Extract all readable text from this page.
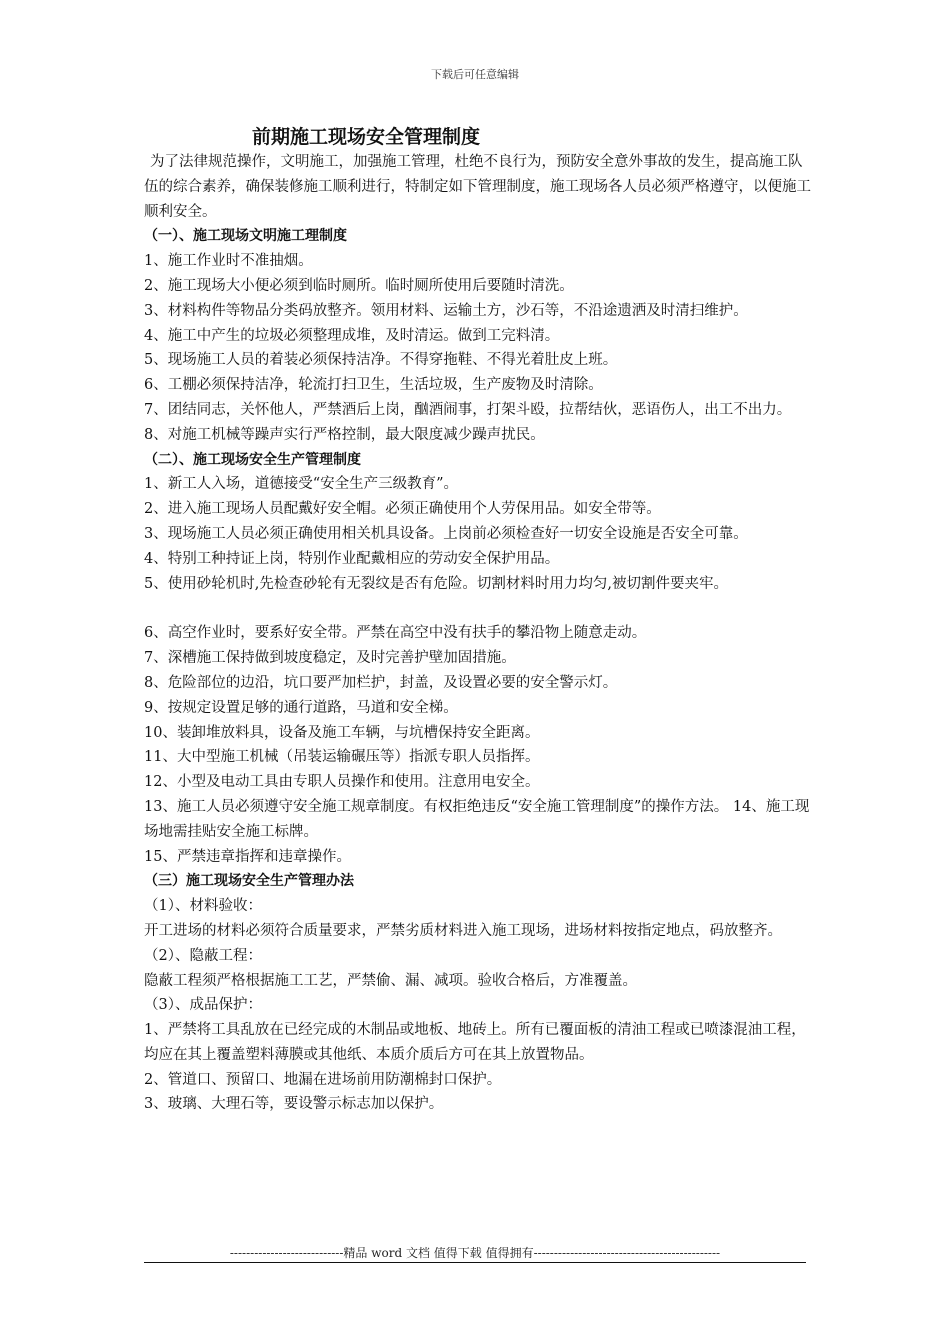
下载后可任意编辑
前期施工现场安全管理制度

为了法律规范操作，文明施工，加强施工管理，杜绝不良行为，预防安全意外事故的发生，提高施工队伍的综合素养，确保装修施工顺利进行，特制定如下管理制度，施工现场各人员必须严格遵守，以便施工顺利安全。

（一）、施工现场文明施工理制度

1、施工作业时不准抽烟。

2、施工现场大小便必须到临时厕所。临时厕所使用后要随时清洗。

3、材料构件等物品分类码放整齐。领用材料、运输土方，沙石等，不沿途遗洒及时清扫维护。

4、施工中产生的垃圾必须整理成堆，及时清运。做到工完料清。

5、现场施工人员的着装必须保持洁净。不得穿拖鞋、不得光着肚皮上班。

6、工棚必须保持洁净，轮流打扫卫生，生活垃圾，生产废物及时清除。

7、团结同志，关怀他人，严禁酒后上岗，酗酒闹事，打架斗殴，拉帮结伙，恶语伤人，出工不出力。

8、对施工机械等躁声实行严格控制，最大限度减少躁声扰民。

（二）、施工现场安全生产管理制度

1、新工人入场，道德接受“安全生产三级教育”。

2、进入施工现场人员配戴好安全帽。必须正确使用个人劳保用品。如安全带等。

3、现场施工人员必须正确使用相关机具设备。上岗前必须检查好一切安全设施是否安全可靠。

4、特别工种持证上岗，特别作业配戴相应的劳动安全保护用品。

5、使用砂轮机时,先检查砂轮有无裂纹是否有危险。切割材料时用力均匀,被切割件要夹牢。

6、高空作业时，要系好安全带。严禁在高空中没有扶手的攀沿物上随意走动。

7、深槽施工保持做到坡度稳定，及时完善护壁加固措施。

8、危险部位的边沿，坑口要严加栏护，封盖，及设置必要的安全警示灯。

9、按规定设置足够的通行道路，马道和安全梯。

10、装卸堆放料具，设备及施工车辆，与坑槽保持安全距离。

11、大中型施工机械（吊装运输碾压等）指派专职人员指挥。

12、小型及电动工具由专职人员操作和使用。注意用电安全。

13、施工人员必须遵守安全施工规章制度。有权拒绝违反“安全施工管理制度”的操作方法。 14、施工现场地需挂贴安全施工标牌。

15、严禁违章指挥和违章操作。

（三）施工现场安全生产管理办法

（1）、材料验收：

开工进场的材料必须符合质量要求，严禁劣质材料进入施工现场，进场材料按指定地点，码放整齐。

（2）、隐蔽工程：

隐蔽工程须严格根据施工工艺，严禁偷、漏、减项。验收合格后，方准覆盖。

（3）、成品保护：

1、严禁将工具乱放在已经完成的木制品或地板、地砖上。所有已覆面板的清油工程或已喷漆混油工程，均应在其上覆盖塑料薄膜或其他纸、本质介质后方可在其上放置物品。

2、管道口、预留口、地漏在进场前用防潮棉封口保护。

3、玻璃、大理石等，要设警示标志加以保护。

----------------------------精品 word 文档 值得下载 值得拥有----------------------------------------------
